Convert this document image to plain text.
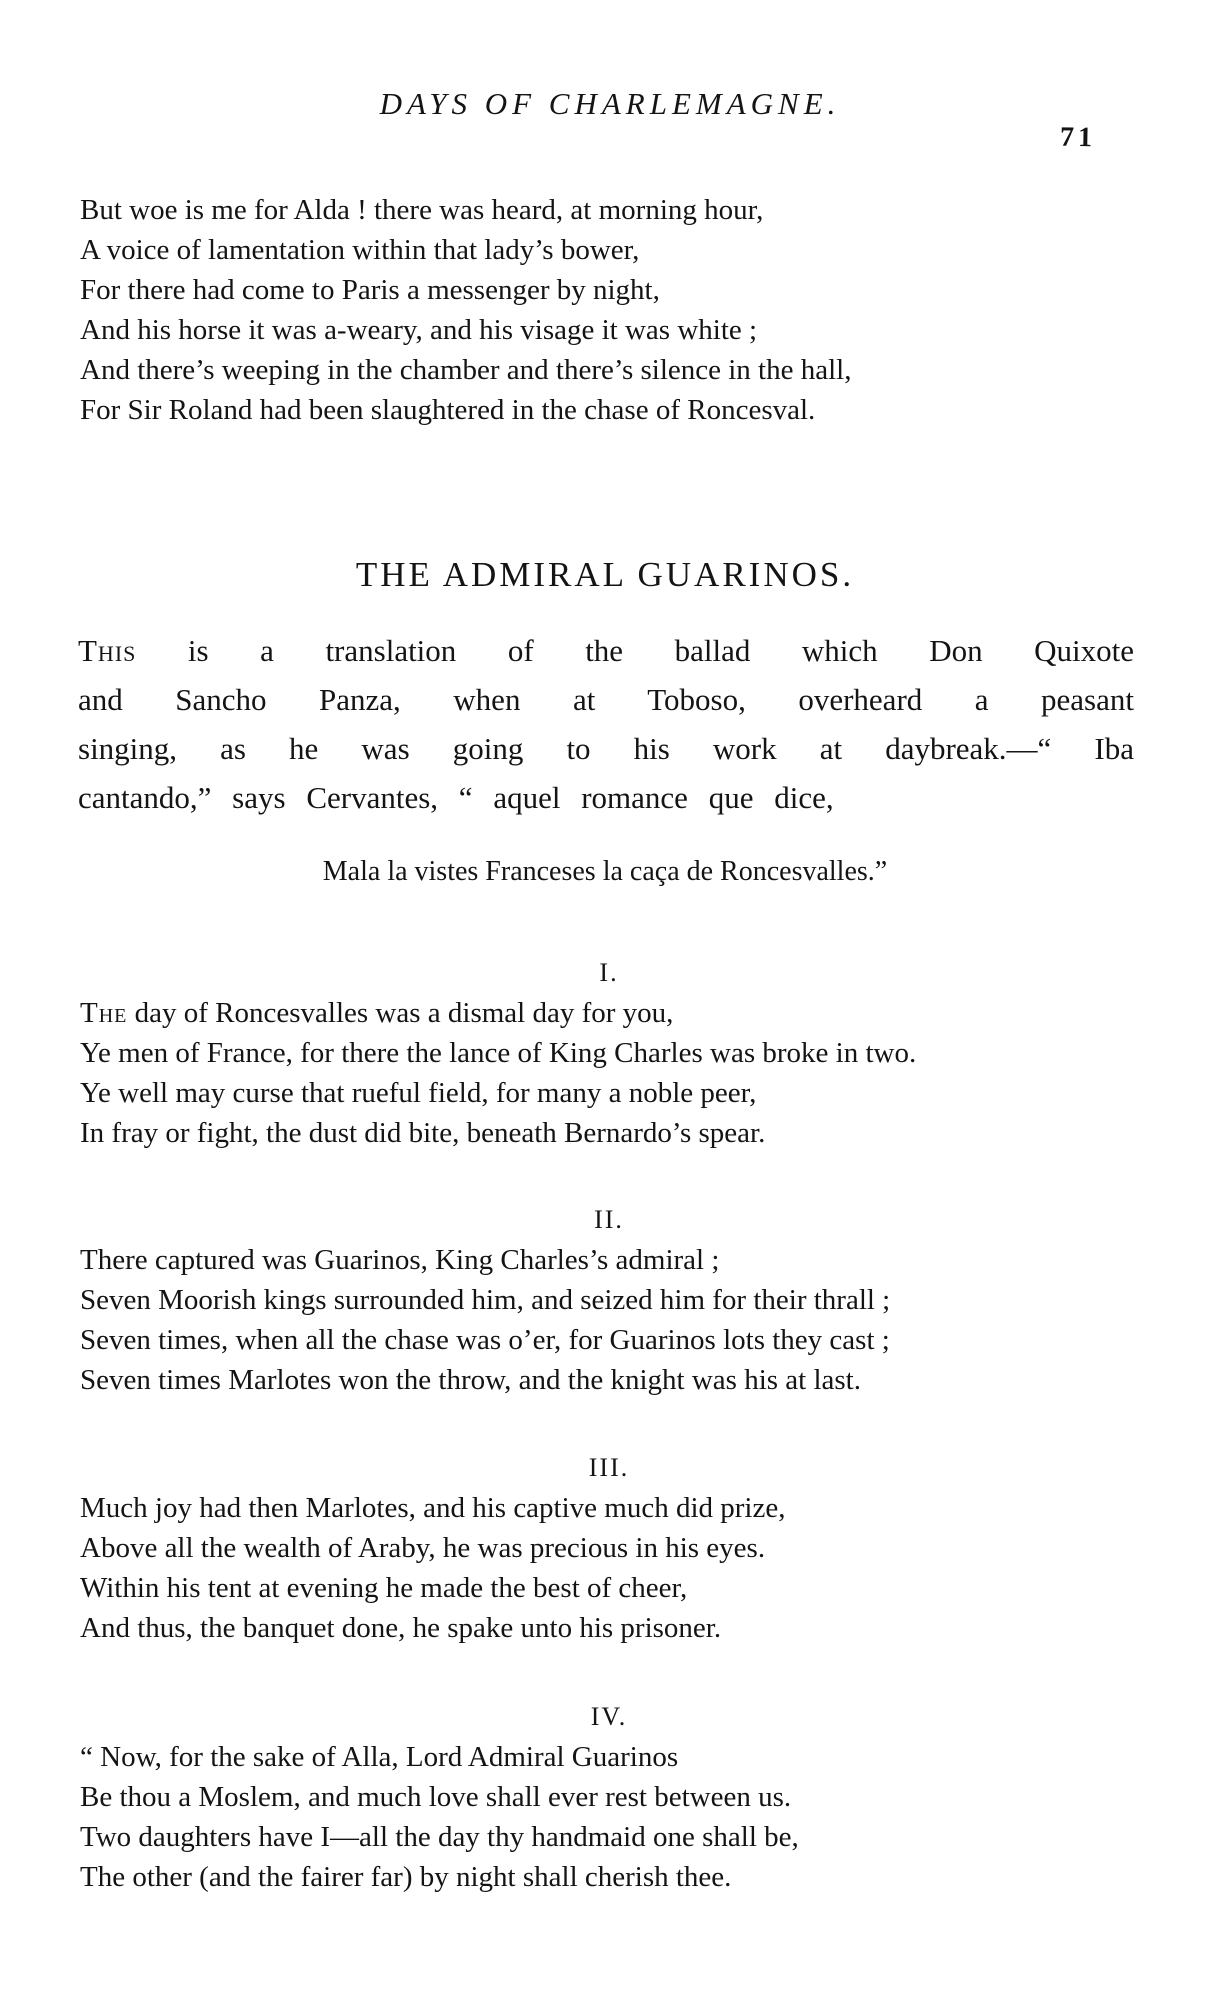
DAYS OF CHARLEMAGNE.
71
But woe is me for Alda ! there was heard, at morning hour,
A voice of lamentation within that lady’s bower,
For there had come to Paris a messenger by night,
And his horse it was a-weary, and his visage it was white ;
And there’s weeping in the chamber and there’s silence in the hall,
For Sir Roland had been slaughtered in the chase of Roncesval.
THE ADMIRAL GUARINOS.
This is a translation of the ballad which Don Quixote
and Sancho Panza, when at Toboso, overheard a peasant
singing, as he was going to his work at daybreak.—“ Iba
cantando,” says Cervantes, “ aquel romance que dice,
Mala la vistes Franceses la caça de Roncesvalles.”
I.
The day of Roncesvalles was a dismal day for you,
Ye men of France, for there the lance of King Charles was broke in two.
Ye well may curse that rueful field, for many a noble peer,
In fray or fight, the dust did bite, beneath Bernardo’s spear.
II.
There captured was Guarinos, King Charles’s admiral ;
Seven Moorish kings surrounded him, and seized him for their thrall ;
Seven times, when all the chase was o’er, for Guarinos lots they cast ;
Seven times Marlotes won the throw, and the knight was his at last.
III.
Much joy had then Marlotes, and his captive much did prize,
Above all the wealth of Araby, he was precious in his eyes.
Within his tent at evening he made the best of cheer,
And thus, the banquet done, he spake unto his prisoner.
IV.
“ Now, for the sake of Alla, Lord Admiral Guarinos
Be thou a Moslem, and much love shall ever rest between us.
Two daughters have I—all the day thy handmaid one shall be,
The other (and the fairer far) by night shall cherish thee.
